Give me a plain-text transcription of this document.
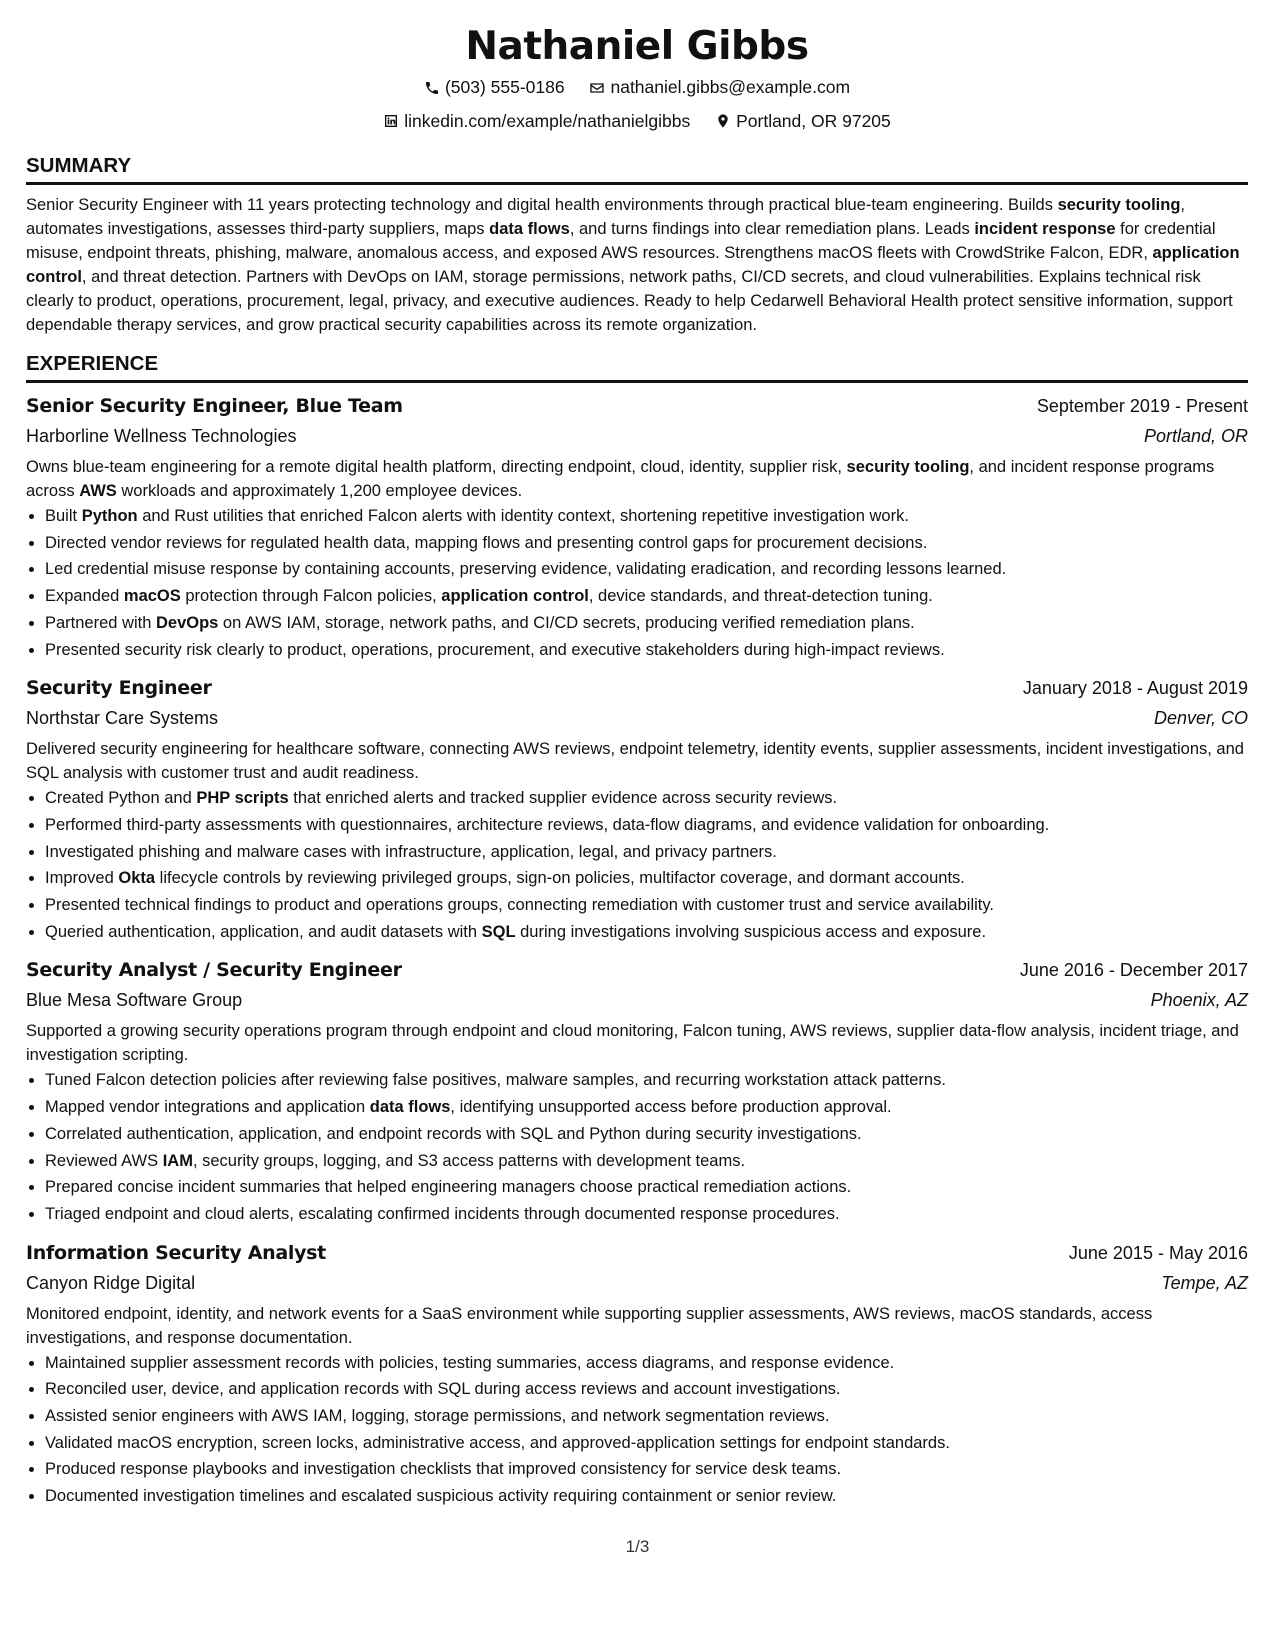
Nathaniel Gibbs
(503) 555-0186
	nathaniel.gibbs@example.com
linkedin.com/example/nathanielgibbs
	Portland, OR 97205
SUMMARY
Senior Security Engineer with 11 years protecting technology and digital health environments through practical blue-team engineering. Builds security tooling, automates investigations, assesses third-party suppliers, maps data flows, and turns findings into clear remediation plans. Leads incident response for credential misuse, endpoint threats, phishing, malware, anomalous access, and exposed AWS resources. Strengthens macOS fleets with CrowdStrike Falcon, EDR, application control, and threat detection. Partners with DevOps on IAM, storage permissions, network paths, CI/CD secrets, and cloud vulnerabilities. Explains technical risk clearly to product, operations, procurement, legal, privacy, and executive audiences. Ready to help Cedarwell Behavioral Health protect sensitive information, support dependable therapy services, and grow practical security capabilities across its remote organization.
EXPERIENCE
Senior Security Engineer, Blue Team	September 2019 - Present
Harborline Wellness Technologies	Portland, OR
Owns blue-team engineering for a remote digital health platform, directing endpoint, cloud, identity, supplier risk, security tooling, and incident response programs across AWS workloads and approximately 1,200 employee devices.
• Built Python and Rust utilities that enriched Falcon alerts with identity context, shortening repetitive investigation work.
• Directed vendor reviews for regulated health data, mapping flows and presenting control gaps for procurement decisions.
• Led credential misuse response by containing accounts, preserving evidence, validating eradication, and recording lessons learned.
• Expanded macOS protection through Falcon policies, application control, device standards, and threat-detection tuning.
• Partnered with DevOps on AWS IAM, storage, network paths, and CI/CD secrets, producing verified remediation plans.
• Presented security risk clearly to product, operations, procurement, and executive stakeholders during high-impact reviews.
Security Engineer	January 2018 - August 2019
Northstar Care Systems	Denver, CO
Delivered security engineering for healthcare software, connecting AWS reviews, endpoint telemetry, identity events, supplier assessments, incident investigations, and SQL analysis with customer trust and audit readiness.
• Created Python and PHP scripts that enriched alerts and tracked supplier evidence across security reviews.
• Performed third-party assessments with questionnaires, architecture reviews, data-flow diagrams, and evidence validation for onboarding.
• Investigated phishing and malware cases with infrastructure, application, legal, and privacy partners.
• Improved Okta lifecycle controls by reviewing privileged groups, sign-on policies, multifactor coverage, and dormant accounts.
• Presented technical findings to product and operations groups, connecting remediation with customer trust and service availability.
• Queried authentication, application, and audit datasets with SQL during investigations involving suspicious access and exposure.
Security Analyst / Security Engineer	June 2016 - December 2017
Blue Mesa Software Group	Phoenix, AZ
Supported a growing security operations program through endpoint and cloud monitoring, Falcon tuning, AWS reviews, supplier data-flow analysis, incident triage, and investigation scripting.
• Tuned Falcon detection policies after reviewing false positives, malware samples, and recurring workstation attack patterns.
• Mapped vendor integrations and application data flows, identifying unsupported access before production approval.
• Correlated authentication, application, and endpoint records with SQL and Python during security investigations.
• Reviewed AWS IAM, security groups, logging, and S3 access patterns with development teams.
• Prepared concise incident summaries that helped engineering managers choose practical remediation actions.
• Triaged endpoint and cloud alerts, escalating confirmed incidents through documented response procedures.
Information Security Analyst	June 2015 - May 2016
Canyon Ridge Digital	Tempe, AZ
Monitored endpoint, identity, and network events for a SaaS environment while supporting supplier assessments, AWS reviews, macOS standards, access investigations, and response documentation.
• Maintained supplier assessment records with policies, testing summaries, access diagrams, and response evidence.
• Reconciled user, device, and application records with SQL during access reviews and account investigations.
• Assisted senior engineers with AWS IAM, logging, storage permissions, and network segmentation reviews.
• Validated macOS encryption, screen locks, administrative access, and approved-application settings for endpoint standards.
• Produced response playbooks and investigation checklists that improved consistency for service desk teams.
• Documented investigation timelines and escalated suspicious activity requiring containment or senior review.
1/3
